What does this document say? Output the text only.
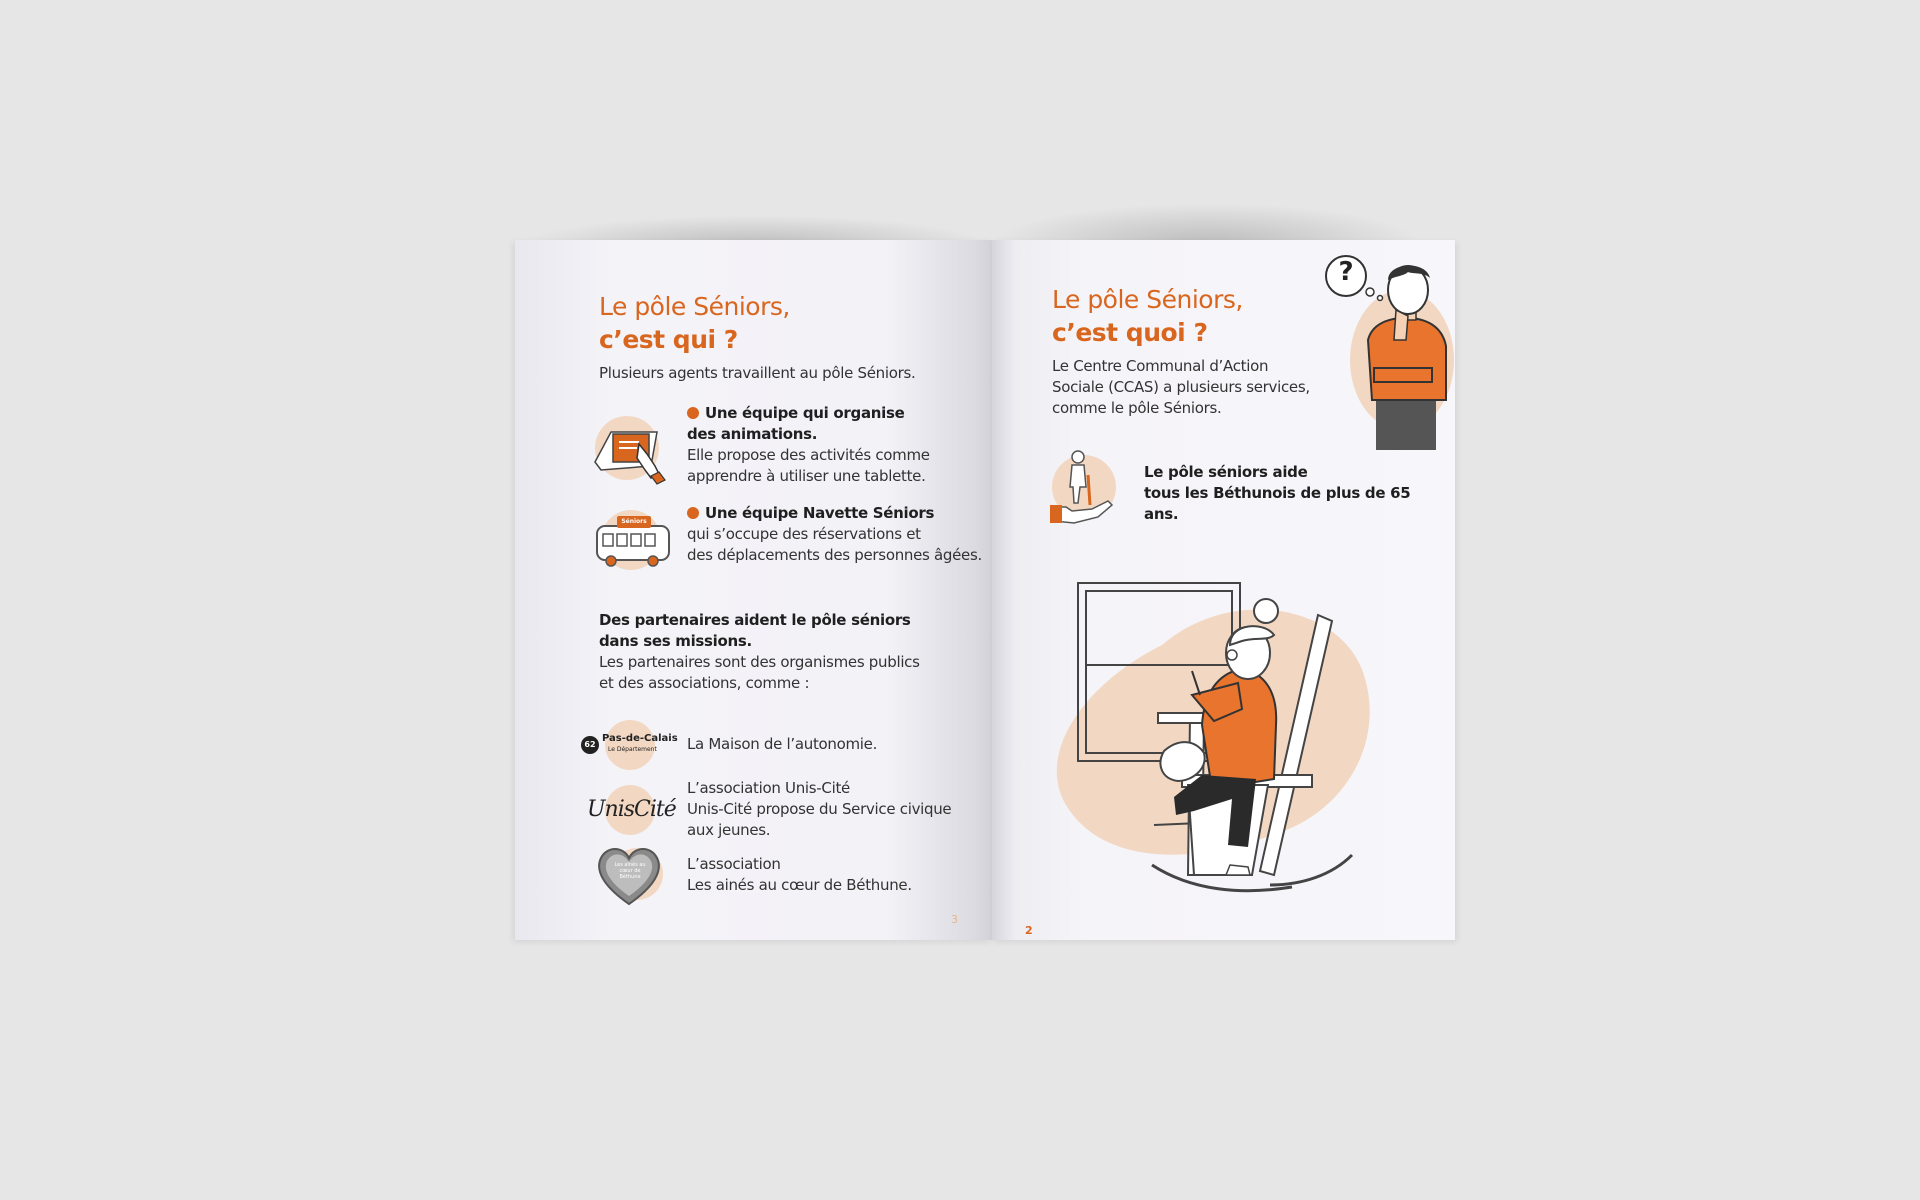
Le pôle Séniors,
c’est qui ?
Plusieurs agents travaillent au pôle Séniors.
Une équipe qui organise
des animations.
Elle propose des activités comme
apprendre à utiliser une tablette.
Séniors	Une équipe Navette Séniors
qui s’occupe des réservations et
des déplacements des personnes âgées.
Des partenaires aident le pôle séniors
dans ses missions.
Les partenaires sont des organismes publics
et des associations, comme :
62
Pas-de-Calais
Le Département La Maison de l’autonomie.
UnisCité
L’association Unis-Cité
Unis-Cité propose du Service civique
aux jeunes.
Les aînés au cœur de Béthune
L’association
Les ainés au cœur de Béthune.
3
Le pôle Séniors,
c’est quoi ?
Le Centre Communal d’Action
Sociale (CCAS) a plusieurs services,
comme le pôle Séniors.
?
Le pôle séniors aide
tous les Béthunois de plus de 65 ans.
2
